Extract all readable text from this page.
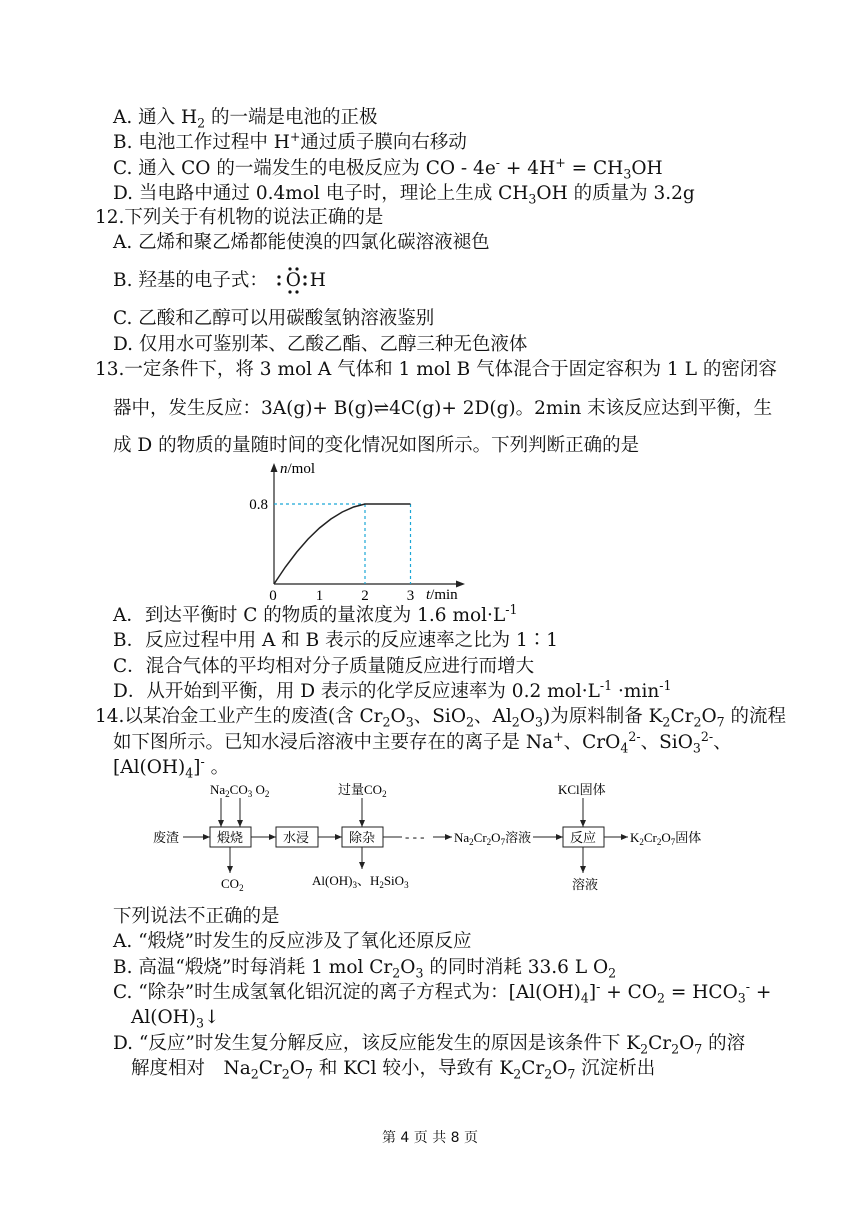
A. 通入 $H_2$ 的一端是电池的正极
B. 电池工作过程中 H+通过质子膜向右移动
C. 通入 CO 的一端发生的电极反应为 CO - $4e^- + 4H^+ = CH_3OH$
D. 当电路中通过 0.4mol 电子时，理论上生成 $CH_3OH$ 的质量为 3.2g
12.下列关于有机物的说法正确的是
A. 乙烯和聚乙烯都能使溴的四氯化碳溶液褪色
B. 羟基的电子式： O H
C. 乙酸和乙醇可以用碳酸氢钠溶液鉴别
D. 仅用水可鉴别苯、乙酸乙酯、乙醇三种无色液体
13.一定条件下，将 3 mol A 气体和 1 mol B 气体混合于固定容积为 1 L 的密闭容
器中，发生反应：3A(g)+ B(g)⇌4C(g)+ 2D(g)。2min 末该反应达到平衡，生
成 D 的物质的量随时间的变化情况如图所示。下列判断正确的是
n/mol
t/min
0.8
0	1	2	3
A．到达平衡时 C 的物质的量浓度为 1.6 $mol\cdot L^{-1}$
B．反应过程中用 A 和 B 表示的反应速率之比为 1∶1
C．混合气体的平均相对分子质量随反应进行而增大
D．从开始到平衡，用 D 表示的化学反应速率为 0.2 $mol\cdot L^{-1} \cdot\min^{-1}$
14.以某冶金工业产生的废渣(含 $Cr_2O_3$、SiO$_2$、$Al_2O_3$)为原料制备 $K_2Cr_2O_7$ 的流程
如下图所示。已知水浸后溶液中主要存在的离子是 Na+、CrO$_4^{2-}$、SiO$_3^{2-}$、
$[Al(OH)_4]^-$ 。
废渣	煅烧	水浸	除杂	反应
$Na_2CO_3$ $O_2$	过量$CO_2$	KCl固体
$CO_2$	$Al(OH)_3$、$H_2SiO_3$
- - - $Na_2Cr_2O_7$溶液	$K_2Cr_2O_7$固体
溶液
下列说法不正确的是
A. “煅烧”时发生的反应涉及了氧化还原反应
B. 高温“煅烧”时每消耗 1 mol $Cr_2O_3$ 的同时消耗 33.6 L $O_2$
C. “除杂”时生成氢氧化铝沉淀的离子方程式为：$[Al(OH)_4]^- + CO_2 = HCO_3^-$ +
$Al(OH)_3↓$
D. “反应”时发生复分解反应，该反应能发生的原因是该条件下 $K_2Cr_2O_7$ 的溶
解度相对　$Na_2Cr_2O_7$ 和 KCl 较小，导致有 $K_2Cr_2O_7$ 沉淀析出
第 4 页 共 8 页
